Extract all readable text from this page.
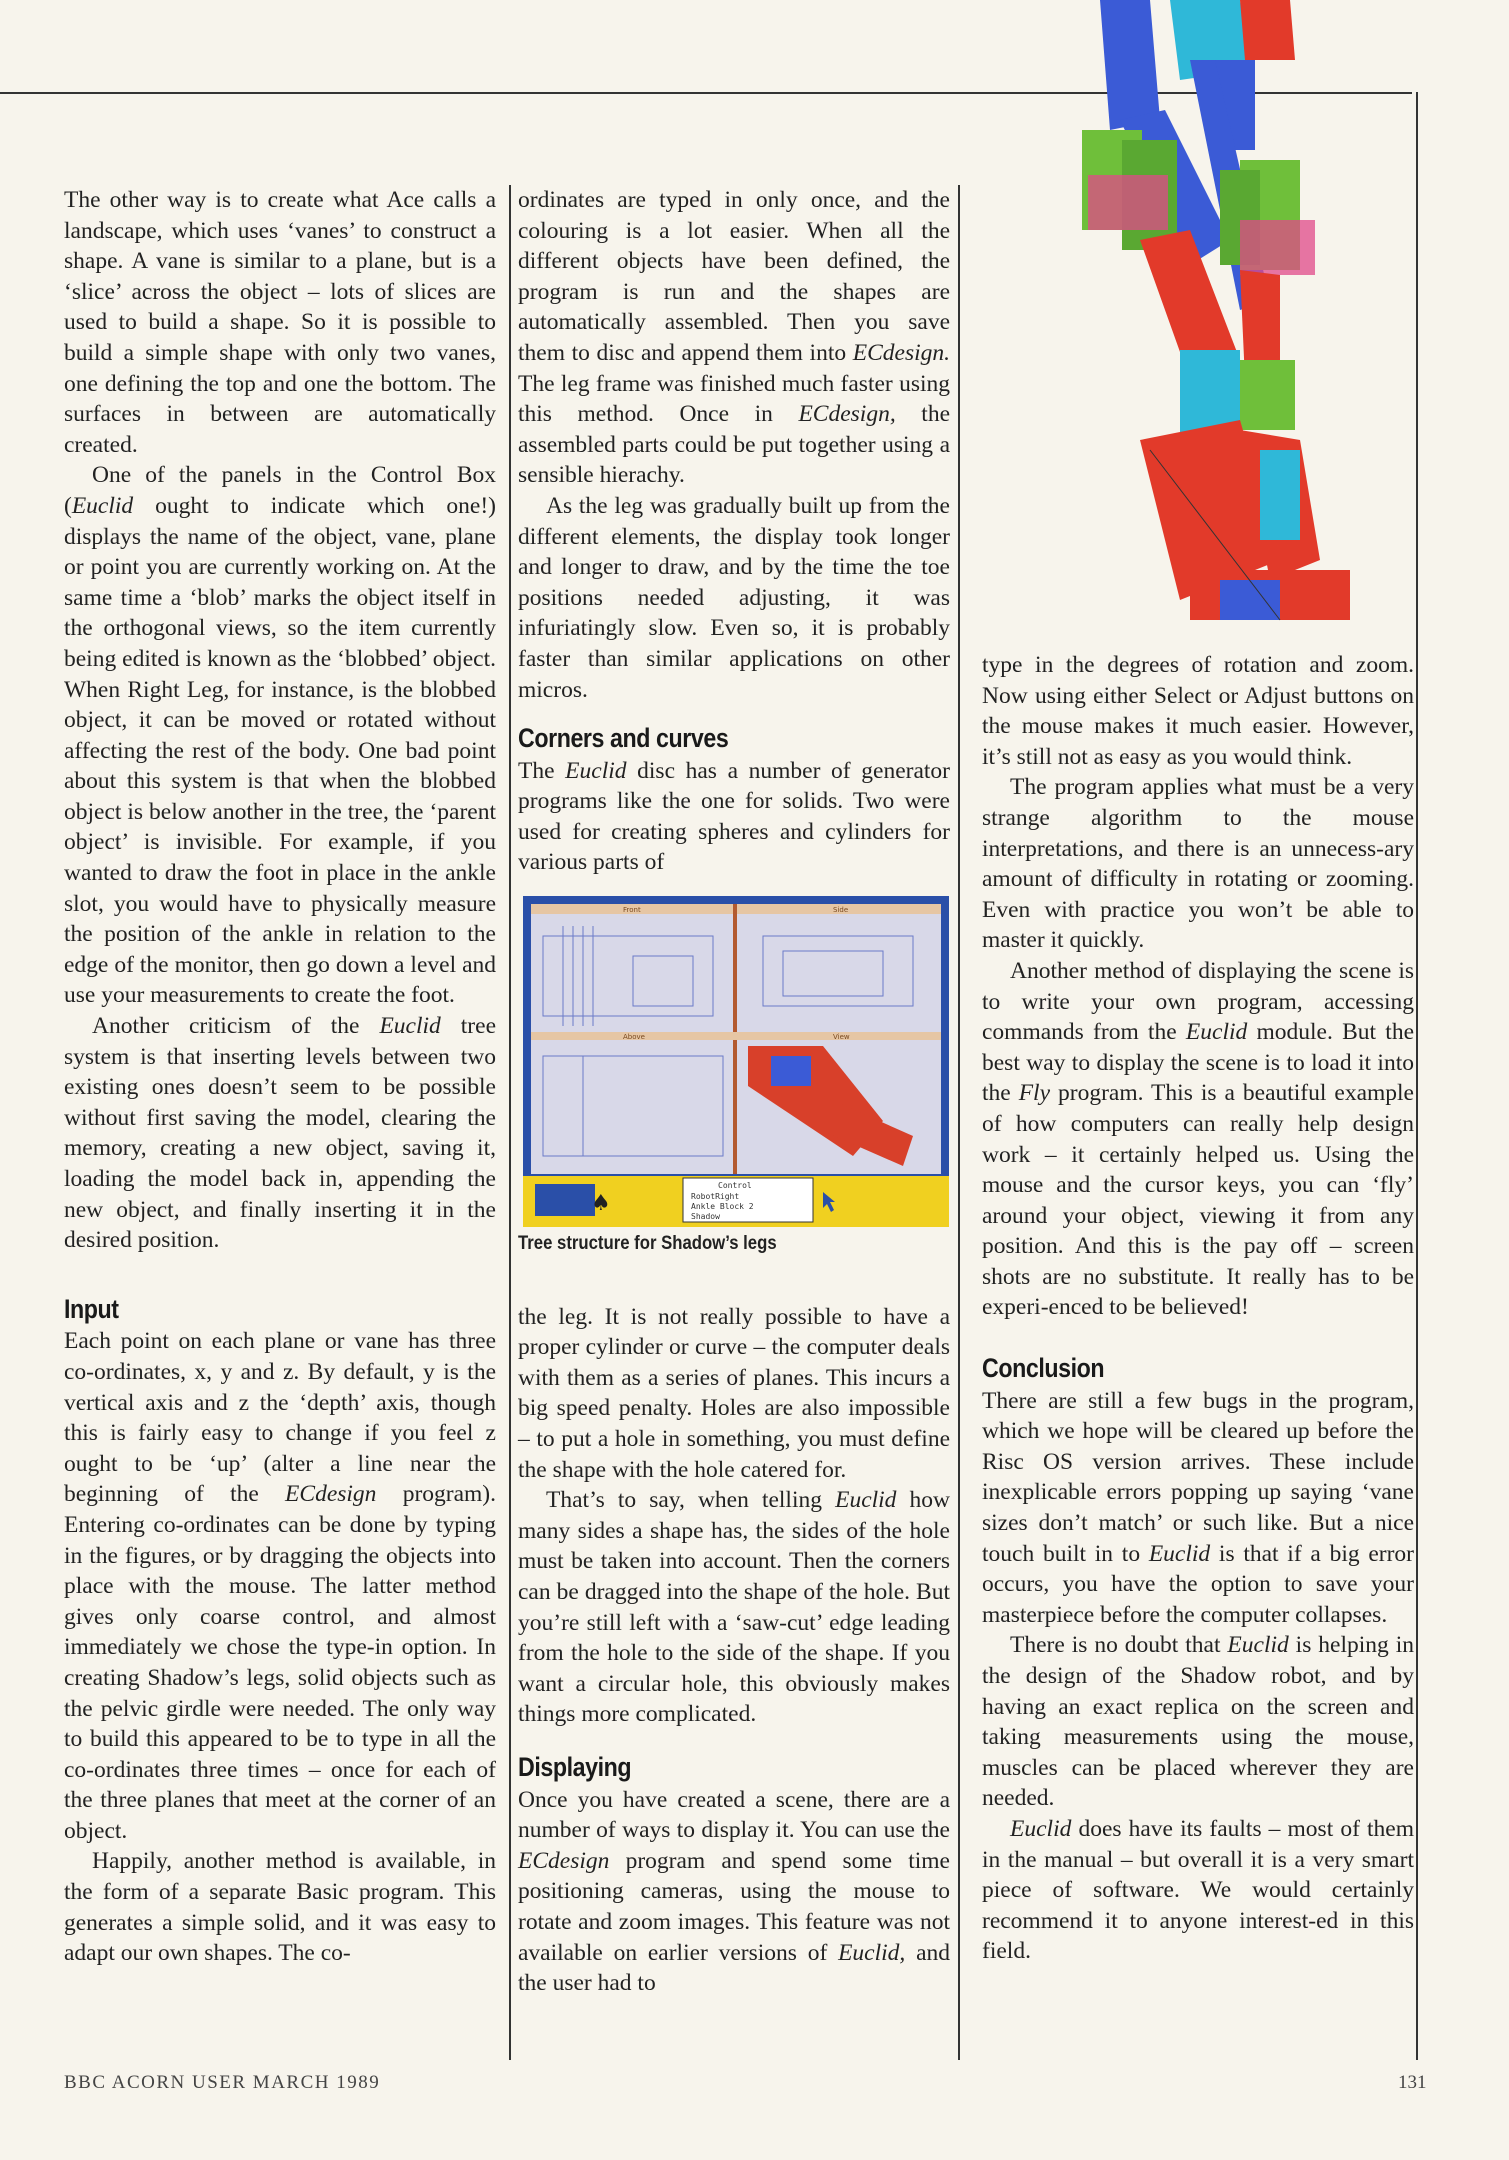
The other way is to create what Ace calls a landscape, which uses ‘vanes’ to construct a shape. A vane is similar to a plane, but is a ‘slice’ across the object – lots of slices are used to build a shape. So it is possible to build a simple shape with only two vanes, one defining the top and one the bottom. The surfaces in between are automatically created.

One of the panels in the Control Box (Euclid ought to indicate which one!) displays the name of the object, vane, plane or point you are currently working on. At the same time a ‘blob’ marks the object itself in the orthogonal views, so the item currently being edited is known as the ‘blobbed’ object. When Right Leg, for instance, is the blobbed object, it can be moved or rotated without affecting the rest of the body. One bad point about this system is that when the blobbed object is below another in the tree, the ‘parent object’ is invisible. For example, if you wanted to draw the foot in place in the ankle slot, you would have to physically measure the position of the ankle in relation to the edge of the monitor, then go down a level and use your measurements to create the foot.

Another criticism of the Euclid tree system is that inserting levels between two existing ones doesn’t seem to be possible without first saving the model, clearing the memory, creating a new object, saving it, loading the model back in, appending the new object, and finally inserting it in the desired position.

Input

Each point on each plane or vane has three co-ordinates, x, y and z. By default, y is the vertical axis and z the ‘depth’ axis, though this is fairly easy to change if you feel z ought to be ‘up’ (alter a line near the beginning of the ECdesign program). Entering co-ordinates can be done by typing in the figures, or by dragging the objects into place with the mouse. The latter method gives only coarse control, and almost immediately we chose the type-in option. In creating Shadow’s legs, solid objects such as the pelvic girdle were needed. The only way to build this appeared to be to type in all the co-ordinates three times – once for each of the three planes that meet at the corner of an object.

Happily, another method is available, in the form of a separate Basic program. This generates a simple solid, and it was easy to adapt our own shapes. The co-

ordinates are typed in only once, and the colouring is a lot easier. When all the different objects have been defined, the program is run and the shapes are automatically assembled. Then you save them to disc and append them into ECdesign. The leg frame was finished much faster using this method. Once in ECdesign, the assembled parts could be put together using a sensible hierachy.

As the leg was gradually built up from the different elements, the display took longer and longer to draw, and by the time the toe positions needed adjusting, it was infuriatingly slow. Even so, it is probably faster than similar applications on other micros.

Corners and curves

The Euclid disc has a number of generator programs like the one for solids. Two were used for creating spheres and cylinders for various parts of

Tree structure for Shadow’s legs

the leg. It is not really possible to have a proper cylinder or curve – the computer deals with them as a series of planes. This incurs a big speed penalty. Holes are also impossible – to put a hole in something, you must define the shape with the hole catered for.

That’s to say, when telling Euclid how many sides a shape has, the sides of the hole must be taken into account. Then the corners can be dragged into the shape of the hole. But you’re still left with a ‘saw-cut’ edge leading from the hole to the side of the shape. If you want a circular hole, this obviously makes things more complicated.

Displaying

Once you have created a scene, there are a number of ways to display it. You can use the ECdesign program and spend some time positioning cameras, using the mouse to rotate and zoom images. This feature was not available on earlier versions of Euclid, and the user had to

♠
Control
RobotRight
Ankle Block 2
Shadow
Front	Side
Above	View

type in the degrees of rotation and zoom. Now using either Select or Adjust buttons on the mouse makes it much easier. However, it’s still not as easy as you would think.

The program applies what must be a very strange algorithm to the mouse interpretations, and there is an unnecess-ary amount of difficulty in rotating or zooming. Even with practice you won’t be able to master it quickly.

Another method of displaying the scene is to write your own program, accessing commands from the Euclid module. But the best way to display the scene is to load it into the Fly program. This is a beautiful example of how computers can really help design work – it certainly helped us. Using the mouse and the cursor keys, you can ‘fly’ around your object, viewing it from any position. And this is the pay off – screen shots are no substitute. It really has to be experi-enced to be believed!

Conclusion

There are still a few bugs in the program, which we hope will be cleared up before the Risc OS version arrives. These include inexplicable errors popping up saying ‘vane sizes don’t match’ or such like. But a nice touch built in to Euclid is that if a big error occurs, you have the option to save your masterpiece before the computer collapses.

There is no doubt that Euclid is helping in the design of the Shadow robot, and by having an exact replica on the screen and taking measurements using the mouse, muscles can be placed wherever they are needed.

Euclid does have its faults – most of them in the manual – but overall it is a very smart piece of software. We would certainly recommend it to anyone interest-ed in this field.

BBC ACORN USER MARCH 1989	131
